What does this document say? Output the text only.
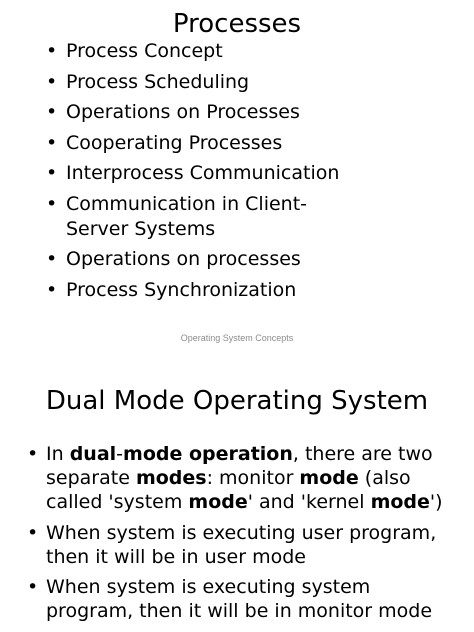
Processes
• Process Concept
• Process Scheduling
• Operations on Processes
• Cooperating Processes
• Interprocess Communication
• Communication in Client-Server Systems
• Operations on processes
• Process Synchronization

Operating System Concepts

Dual Mode Operating System
• In dual-mode operation, there are two separate modes: monitor mode (also called 'system mode' and 'kernel mode')
• When system is executing user program, then it will be in user mode
• When system is executing system program, then it will be in monitor mode
